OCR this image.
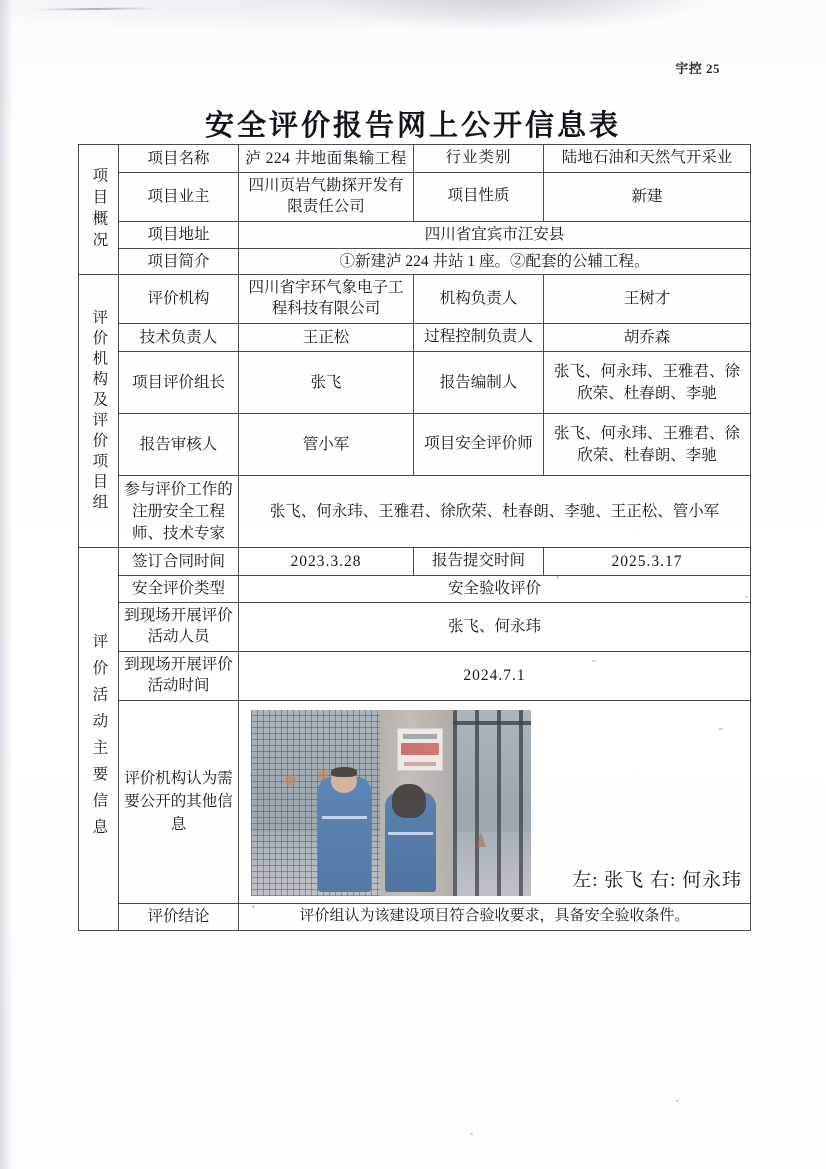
宇控 25
安全评价报告网上公开信息表
项目概况	项目名称	泸 224 井地面集输工程	行业类别	陆地石油和天然气开采业
	项目业主	四川页岩气勘探开发有限责任公司	项目性质	新建
	项目地址	四川省宜宾市江安县		
	项目简介	①新建泸 224 井站 1 座。②配套的公辅工程。		
评价机构及评价项目组	评价机构	四川省宇环气象电子工程科技有限公司	机构负责人	王树才
	技术负责人	王正松	过程控制负责人	胡乔森
	项目评价组长	张飞	报告编制人	张飞、何永玮、王雅君、徐欣荣、杜春朗、李驰
	报告审核人	管小军	项目安全评价师	张飞、何永玮、王雅君、徐欣荣、杜春朗、李驰
	参与评价工作的注册安全工程师、技术专家	张飞、何永玮、王雅君、徐欣荣、杜春朗、李驰、王正松、管小军		
评价活动主要信息	签订合同时间	2023.3.28	报告提交时间	2025.3.17
	安全评价类型	安全验收评价		
	到现场开展评价活动人员	张飞、何永玮		
	到现场开展评价活动时间	2024.7.1		

	评价机构认为需要公开的其他信息	左: 张飞 右: 何永玮		

	评价结论	评价组认为该建设项目符合验收要求，具备安全验收条件。		
